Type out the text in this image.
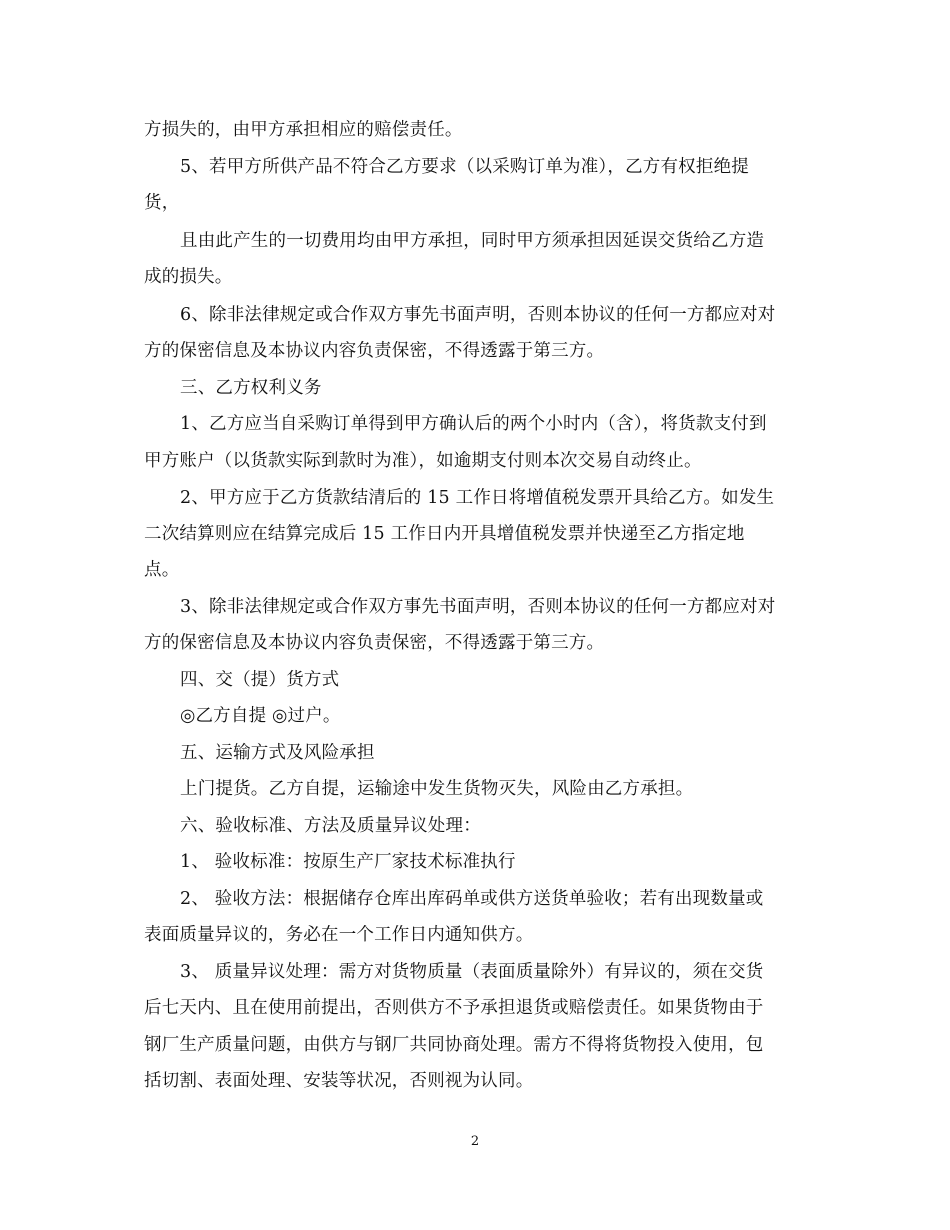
方损失的，由甲方承担相应的赔偿责任。
5、若甲方所供产品不符合乙方要求（以采购订单为准），乙方有权拒绝提
货，
且由此产生的一切费用均由甲方承担，同时甲方须承担因延误交货给乙方造
成的损失。
6、除非法律规定或合作双方事先书面声明，否则本协议的任何一方都应对对
方的保密信息及本协议内容负责保密，不得透露于第三方。
三、乙方权利义务
1、乙方应当自采购订单得到甲方确认后的两个小时内（含），将货款支付到
甲方账户（以货款实际到款时为准），如逾期支付则本次交易自动终止。
2、甲方应于乙方货款结清后的 15 工作日将增值税发票开具给乙方。如发生
二次结算则应在结算完成后 15 工作日内开具增值税发票并快递至乙方指定地
点。
3、除非法律规定或合作双方事先书面声明，否则本协议的任何一方都应对对
方的保密信息及本协议内容负责保密，不得透露于第三方。
四、交（提）货方式
◎乙方自提 ◎过户。
五、运输方式及风险承担
上门提货。乙方自提，运输途中发生货物灭失，风险由乙方承担。
六、验收标准、方法及质量异议处理：
1、 验收标准：按原生产厂家技术标准执行
2、 验收方法：根据储存仓库出库码单或供方送货单验收；若有出现数量或
表面质量异议的，务必在一个工作日内通知供方。
3、 质量异议处理：需方对货物质量（表面质量除外）有异议的，须在交货
后七天内、且在使用前提出，否则供方不予承担退货或赔偿责任。如果货物由于
钢厂生产质量问题，由供方与钢厂共同协商处理。需方不得将货物投入使用，包
括切割、表面处理、安装等状况，否则视为认同。
2
